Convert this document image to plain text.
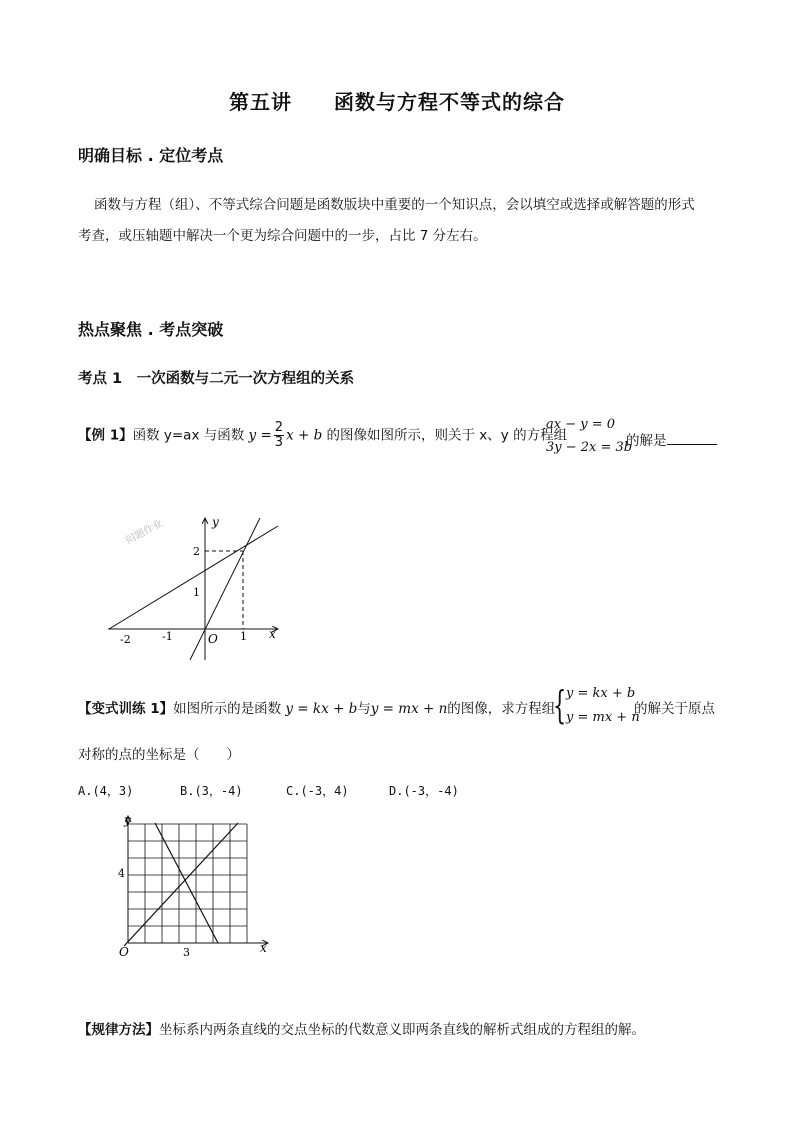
第五讲 函数与方程不等式的综合
明确目标 . 定位考点
函数与方程（组）、不等式综合问题是函数版块中重要的一个知识点，会以填空或选择或解答题的形式
考查，或压轴题中解决一个更为综合问题中的一步，占比 7 分左右。
热点聚焦 . 考点突破
考点 1　一次函数与二元一次方程组的关系
【例 1】函数 y=ax 与函数 $y = \frac{2}{3}$ x + b 的图像如图所示，则关于 x、y 的方程组
ax − y = 0
3y − 2x = 3b
的解是
闷题作业	y
x
O
-2	-1	1
1
2
【变式训练 1】如图所示的是函数 y = kx + b与y = mx + n的图像，求方程组
{ y = kx + b
y = mx + n
的解关于原点
对称的点的坐标是（　　）
A.(4，3)	B.(3，-4)	C.(-3，4)	D.(-3，-4)
y
x
O	3
4
【规律方法】坐标系内两条直线的交点坐标的代数意义即两条直线的解析式组成的方程组的解。
